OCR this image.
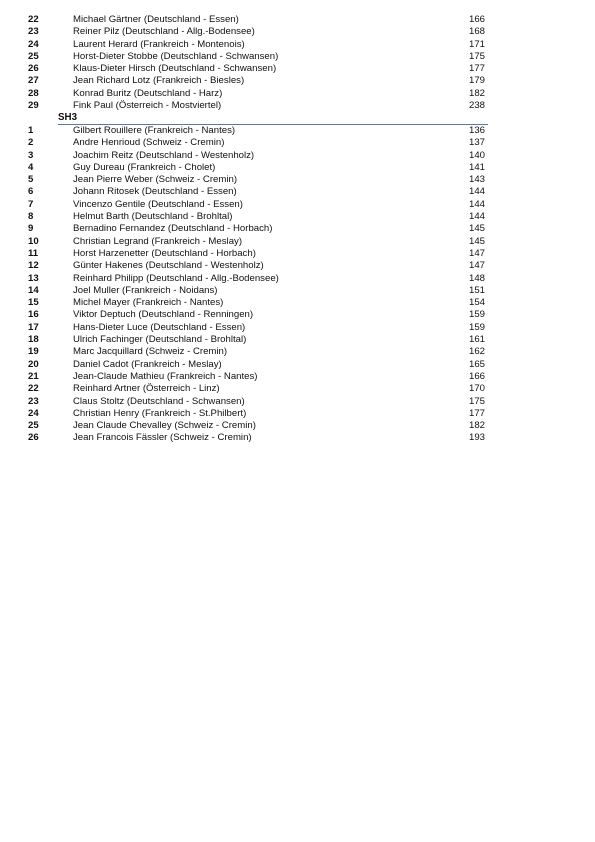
22	Michael Gärtner (Deutschland - Essen)	166
23	Reiner Pilz (Deutschland - Allg.-Bodensee)	168
24	Laurent Herard (Frankreich - Montenois)	171
25	Horst-Dieter Stobbe (Deutschland - Schwansen)	175
26	Klaus-Dieter Hirsch (Deutschland - Schwansen)	177
27	Jean Richard Lotz (Frankreich - Biesles)	179
28	Konrad Buritz (Deutschland - Harz)	182
29	Fink Paul (Österreich - Mostviertel)	238
SH3
1	Gilbert Rouillere (Frankreich - Nantes)	136
2	Andre Henrioud (Schweiz - Cremin)	137
3	Joachim Reitz (Deutschland - Westenholz)	140
4	Guy Dureau (Frankreich - Cholet)	141
5	Jean Pierre Weber (Schweiz - Cremin)	143
6	Johann Ritosek (Deutschland - Essen)	144
7	Vincenzo Gentile (Deutschland - Essen)	144
8	Helmut Barth (Deutschland - Brohltal)	144
9	Bernadino Fernandez (Deutschland - Horbach)	145
10	Christian Legrand (Frankreich - Meslay)	145
11	Horst Harzenetter (Deutschland - Horbach)	147
12	Günter Hakenes (Deutschland - Westenholz)	147
13	Reinhard Philipp (Deutschland - Allg.-Bodensee)	148
14	Joel Muller (Frankreich - Noidans)	151
15	Michel Mayer (Frankreich - Nantes)	154
16	Viktor Deptuch (Deutschland - Renningen)	159
17	Hans-Dieter Luce (Deutschland - Essen)	159
18	Ulrich Fachinger (Deutschland - Brohltal)	161
19	Marc Jacquillard (Schweiz - Cremin)	162
20	Daniel Cadot (Frankreich - Meslay)	165
21	Jean-Claude Mathieu (Frankreich - Nantes)	166
22	Reinhard Artner (Österreich - Linz)	170
23	Claus Stoltz (Deutschland - Schwansen)	175
24	Christian Henry (Frankreich - St.Philbert)	177
25	Jean Claude Chevalley (Schweiz - Cremin)	182
26	Jean Francois Fässler (Schweiz - Cremin)	193
